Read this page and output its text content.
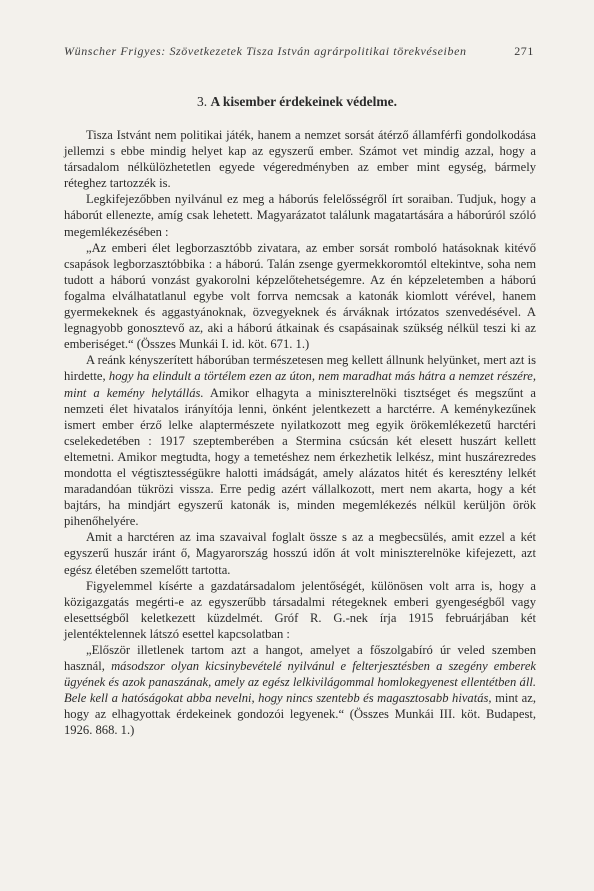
Wünscher Frigyes: Szövetkezetek Tisza István agrárpolitikai törekvéseiben	271
3. A kisember érdekeinek védelme.

Tisza Istvánt nem politikai játék, hanem a nemzet sorsát átérző államférfi gondolkodása jellemzi s ebbe mindig helyet kap az egyszerű ember. Számot vet mindig azzal, hogy a társadalom nélkülözhetetlen egyede végeredményben az ember mint egység, bármely réteghez tartozzék is.

Legkifejezőbben nyilvánul ez meg a háborús felelősségről írt soraiban. Tudjuk, hogy a háborút ellenezte, amíg csak lehetett. Magyarázatot találunk magatartására a háborúról szóló megemlékezésében :

„Az emberi élet legborzasztóbb zivatara, az ember sorsát romboló hatásoknak kitévő csapások legborzasztóbbika : a háború. Talán zsenge gyermekkoromtól eltekintve, soha nem tudott a háború vonzást gyakorolni képzelőtehetségemre. Az én képzeletemben a háború fogalma elválhatatlanul egybe volt forrva nemcsak a katonák kiomlott vérével, hanem gyermekeknek és aggastyánoknak, özvegyeknek és árváknak irtózatos szenvedésével. A legnagyobb gonosztevő az, aki a háború átkainak és csapásainak szükség nélkül teszi ki az emberiséget.“ (Összes Munkái I. id. köt. 671. 1.)

A reánk kényszerített háborúban természetesen meg kellett állnunk helyünket, mert azt is hirdette, hogy ha elindult a törtélem ezen az úton, nem maradhat más hátra a nemzet részére, mint a kemény helytállás. Amikor elhagyta a miniszterelnöki tisztséget és megszűnt a nemzeti élet hivatalos irányítója lenni, önként jelentkezett a harctérre. A keménykezűnek ismert ember érző lelke alaptermészete nyilatkozott meg egyik örökemlékezetű harctéri cselekedetében : 1917 szeptemberében a Stermina csúcsán két elesett huszárt kellett eltemetni. Amikor megtudta, hogy a temetéshez nem érkezhetik lelkész, mint huszárezredes mondotta el végtisztességükre halotti imádságát, amely alázatos hitét és keresztény lelkét maradandóan tükrözi vissza. Erre pedig azért vállalkozott, mert nem akarta, hogy a két bajtárs, ha mindjárt egyszerű katonák is, minden megemlékezés nélkül kerüljön örök pihenőhelyére.

Amit a harctéren az ima szavaival foglalt össze s az a megbecsülés, amit ezzel a két egyszerű huszár iránt ő, Magyarország hosszú időn át volt miniszterelnöke kifejezett, azt egész életében szemelőtt tartotta.

Figyelemmel kísérte a gazdatársadalom jelentőségét, különösen volt arra is, hogy a közigazgatás megérti-e az egyszerűbb társadalmi rétegeknek emberi gyengeségből vagy elesettségből keletkezett küzdelmét. Gróf R. G.-nek írja 1915 februárjában két jelentéktelennek látszó esettel kapcsolatban :

„Először illetlenek tartom azt a hangot, amelyet a főszolgabíró úr veled szemben használ, másodszor olyan kicsinybevételé nyilvánul e felterjesztésben a szegény emberek ügyének és azok panaszának, amely az egész lelkivilágommal homlokegyenest ellentétben áll. Bele kell a hatóságokat abba nevelni, hogy nincs szentebb és magasztosabb hivatás, mint az, hogy az elhagyottak érdekeinek gondozói legyenek.“ (Összes Munkái III. köt. Budapest, 1926. 868. 1.)
